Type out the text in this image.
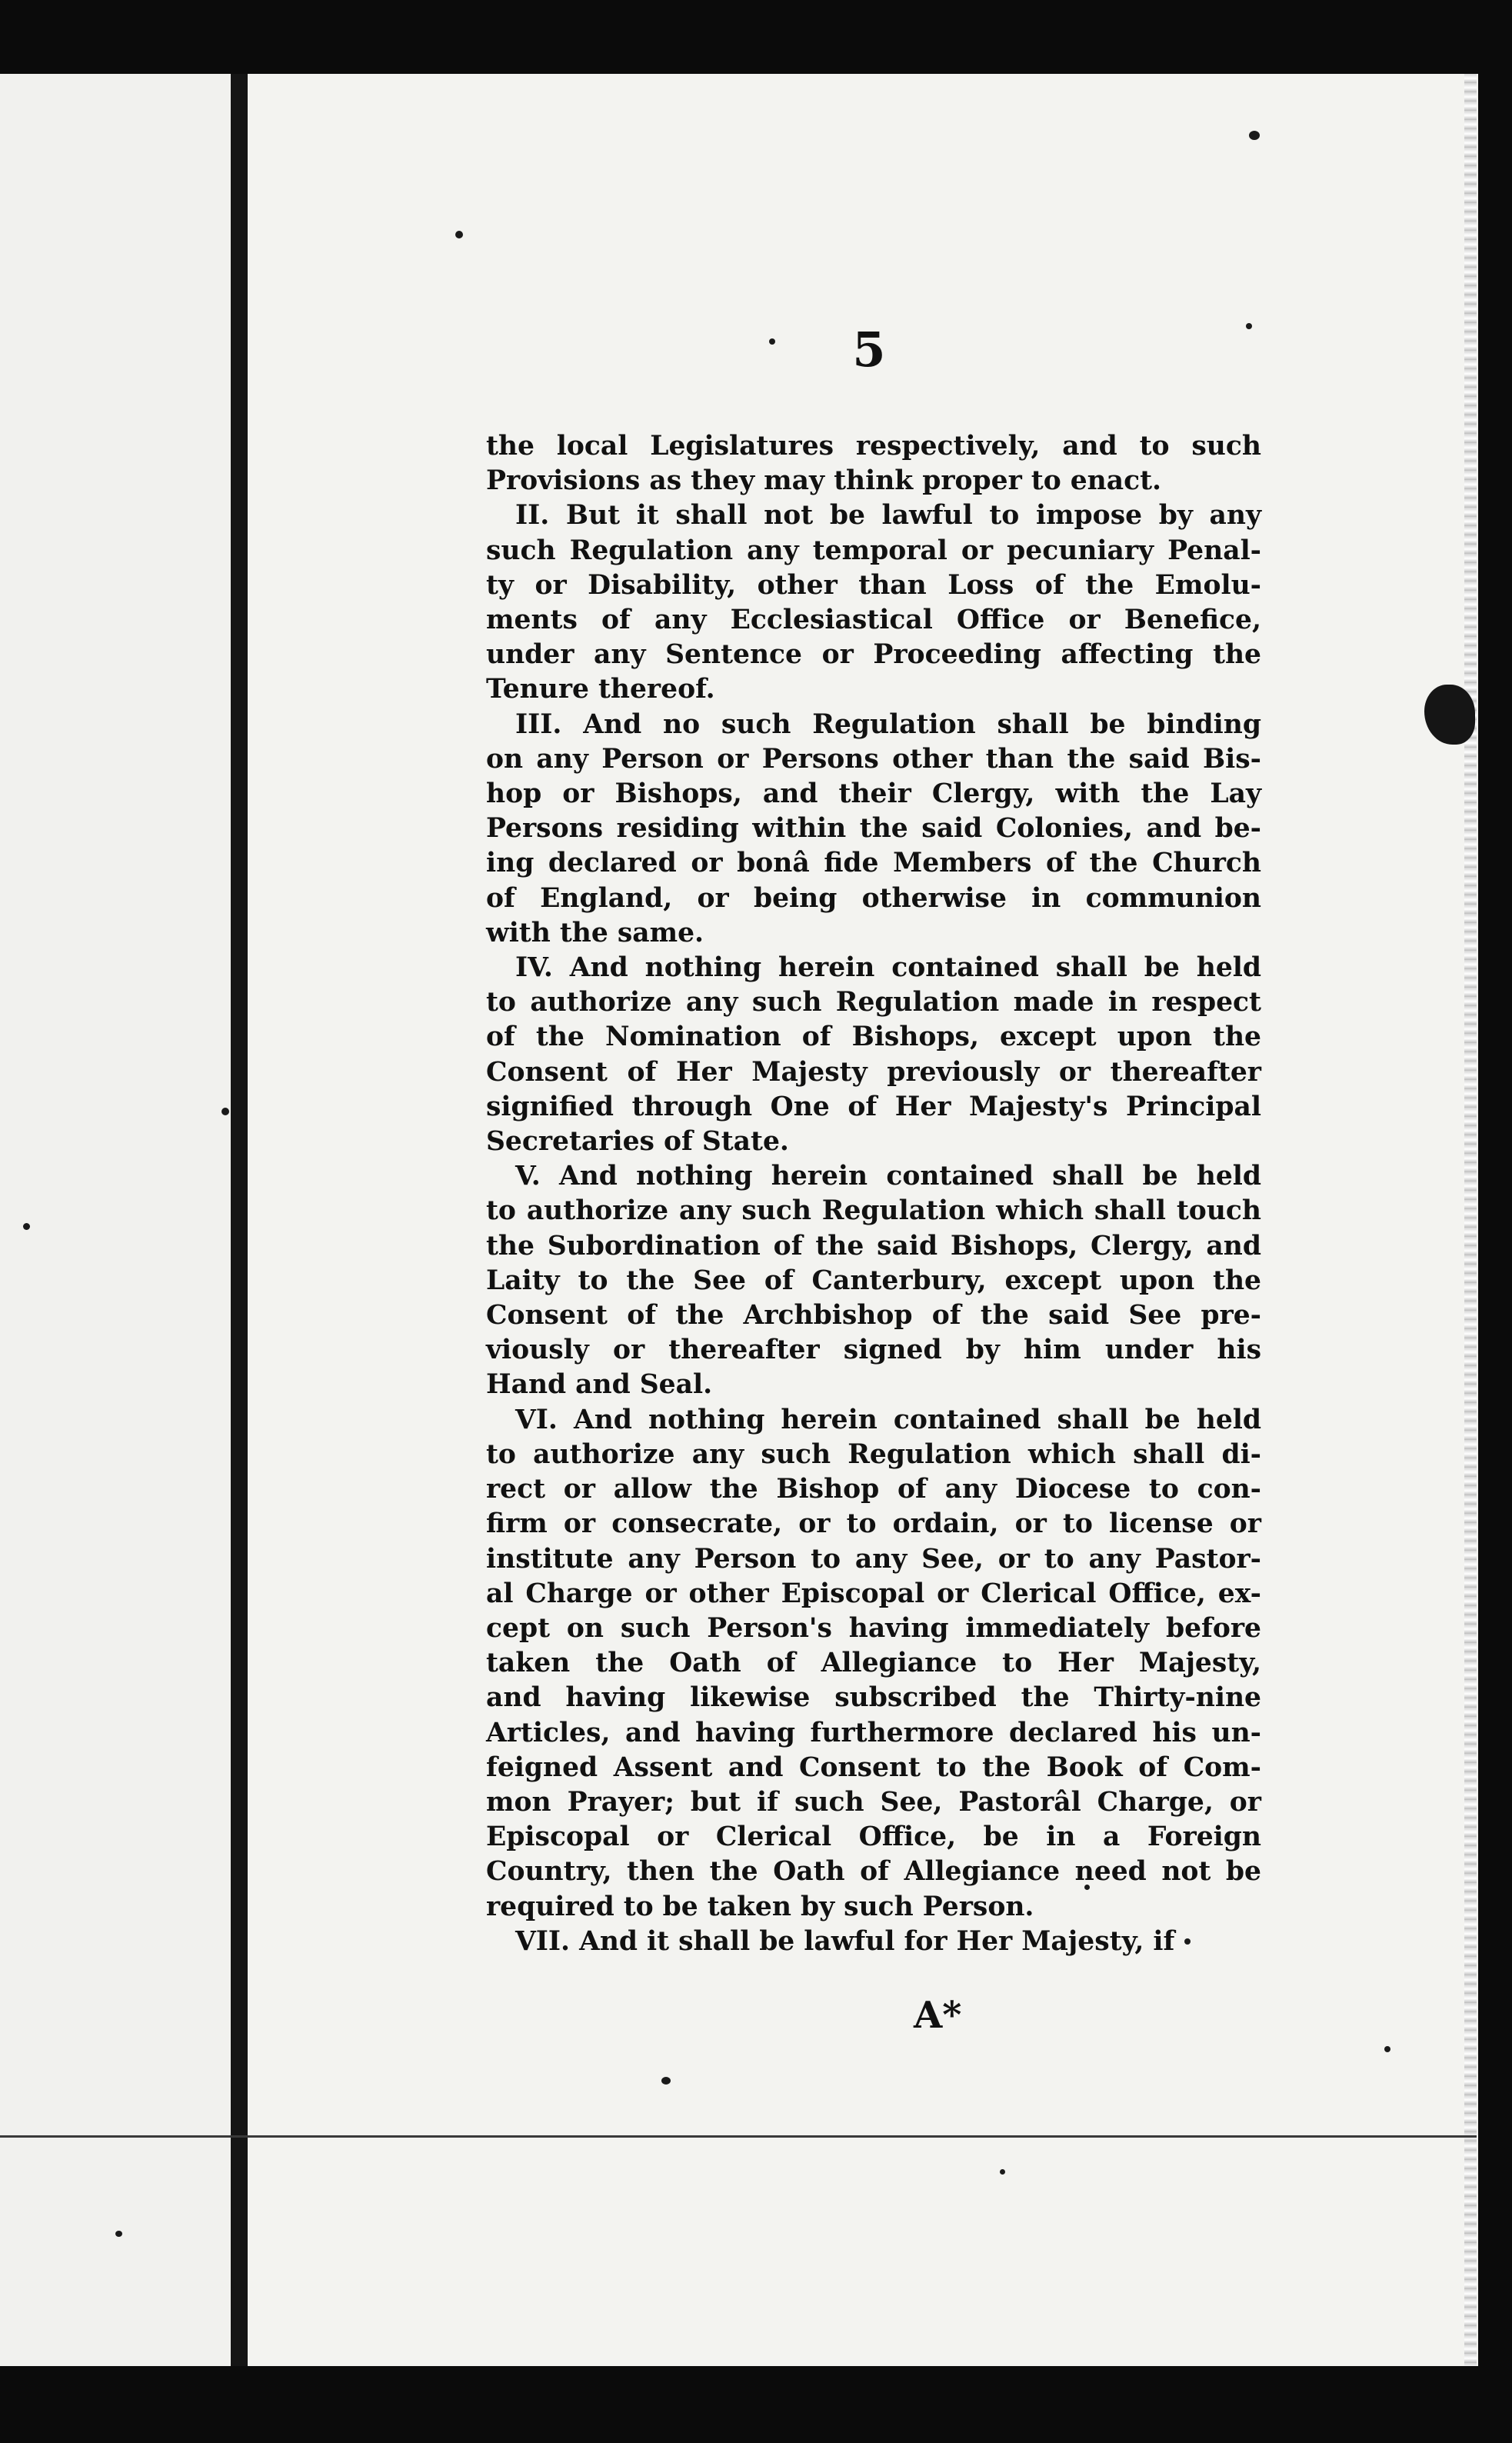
5
the local Legislatures respectively, and to such
Provisions as they may think proper to enact.
II. But it shall not be lawful to impose by any
such Regulation any temporal or pecuniary Penal-
ty or Disability, other than Loss of the Emolu-
ments of any Ecclesiastical Office or Benefice,
under any Sentence or Proceeding affecting the
Tenure thereof.
III. And no such Regulation shall be binding
on any Person or Persons other than the said Bis-
hop or Bishops, and their Clergy, with the Lay
Persons residing within the said Colonies, and be-
ing declared or bonâ fide Members of the Church
of England, or being otherwise in communion
with the same.
IV. And nothing herein contained shall be held
to authorize any such Regulation made in respect
of the Nomination of Bishops, except upon the
Consent of Her Majesty previously or thereafter
signified through One of Her Majesty's Principal
Secretaries of State.
V. And nothing herein contained shall be held
to authorize any such Regulation which shall touch
the Subordination of the said Bishops, Clergy, and
Laity to the See of Canterbury, except upon the
Consent of the Archbishop of the said See pre-
viously or thereafter signed by him under his
Hand and Seal.
VI. And nothing herein contained shall be held
to authorize any such Regulation which shall di-
rect or allow the Bishop of any Diocese to con-
firm or consecrate, or to ordain, or to license or
institute any Person to any See, or to any Pastor-
al Charge or other Episcopal or Clerical Office, ex-
cept on such Person's having immediately before
taken the Oath of Allegiance to Her Majesty,
and having likewise subscribed the Thirty-nine
Articles, and having furthermore declared his un-
feigned Assent and Consent to the Book of Com-
mon Prayer; but if such See, Pastorâl Charge, or
Episcopal or Clerical Office, be in a Foreign
Country, then the Oath of Allegiance need not be
required to be taken by such Person.
VII. And it shall be lawful for Her Majesty, if
A*
